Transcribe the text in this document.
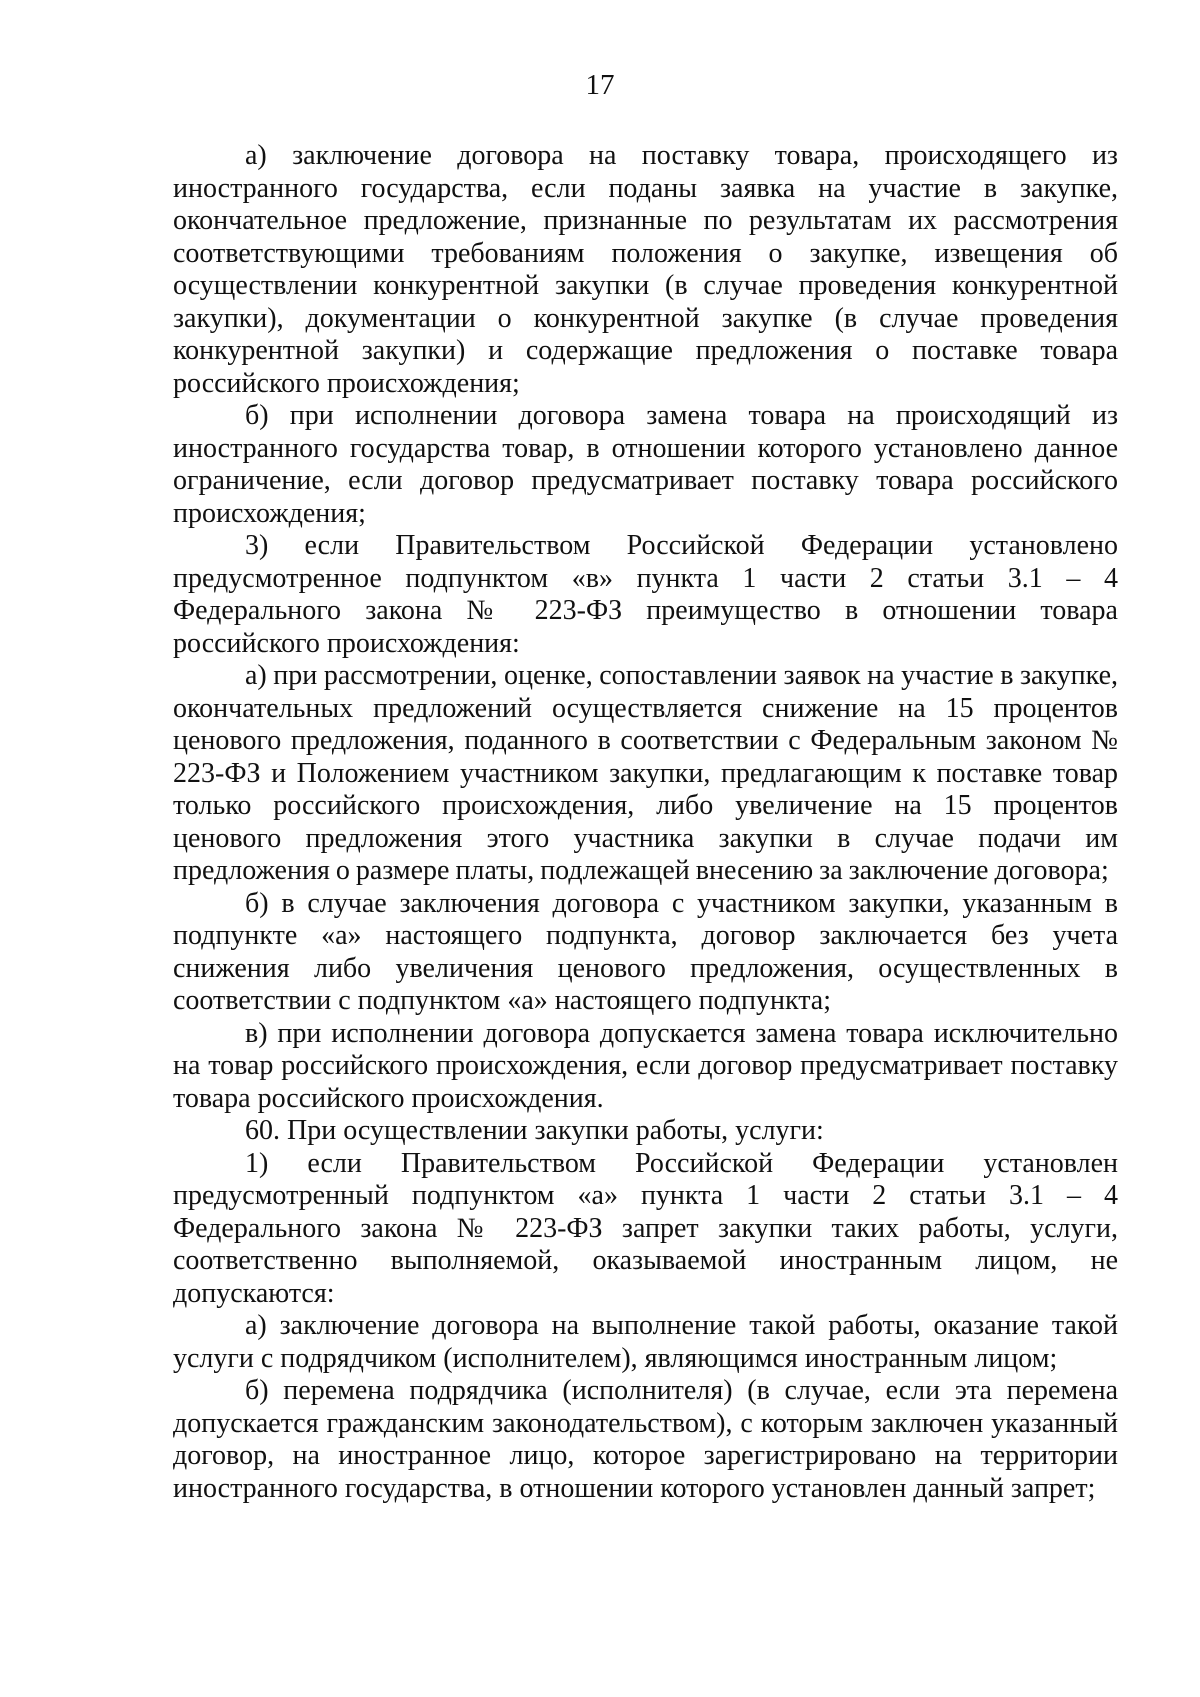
17

а) заключение договора на поставку товара, происходящего из иностранного государства, если поданы заявка на участие в закупке, окончательное предложение, признанные по результатам их рассмотрения соответствующими требованиям положения о закупке, извещения об осуществлении конкурентной закупки (в случае проведения конкурентной закупки), документации о конкурентной закупке (в случае проведения конкурентной закупки) и содержащие предложения о поставке товара российского происхождения;

б) при исполнении договора замена товара на происходящий из иностранного государства товар, в отношении которого установлено данное ограничение, если договор предусматривает поставку товара российского происхождения;

3) если Правительством Российской Федерации установлено предусмотренное подпунктом «в» пункта 1 части 2 статьи 3.1 – 4 Федерального закона № 223-ФЗ преимущество в отношении товара российского происхождения:

а) при рассмотрении, оценке, сопоставлении заявок на участие в закупке, окончательных предложений осуществляется снижение на 15 процентов ценового предложения, поданного в соответствии с Федеральным законом № 223-ФЗ и Положением участником закупки, предлагающим к поставке товар только российского происхождения, либо увеличение на 15 процентов ценового предложения этого участника закупки в случае подачи им предложения о размере платы, подлежащей внесению за заключение договора;

б) в случае заключения договора с участником закупки, указанным в подпункте «а» настоящего подпункта, договор заключается без учета снижения либо увеличения ценового предложения, осуществленных в соответствии с подпунктом «а» настоящего подпункта;

в) при исполнении договора допускается замена товара исключительно на товар российского происхождения, если договор предусматривает поставку товара российского происхождения.

60. При осуществлении закупки работы, услуги:

1) если Правительством Российской Федерации установлен предусмотренный подпунктом «а» пункта 1 части 2 статьи 3.1 – 4 Федерального закона № 223-ФЗ запрет закупки таких работы, услуги, соответственно выполняемой, оказываемой иностранным лицом, не допускаются:

а) заключение договора на выполнение такой работы, оказание такой услуги с подрядчиком (исполнителем), являющимся иностранным лицом;

б) перемена подрядчика (исполнителя) (в случае, если эта перемена допускается гражданским законодательством), с которым заключен указанный договор, на иностранное лицо, которое зарегистрировано на территории иностранного государства, в отношении которого установлен данный запрет;
